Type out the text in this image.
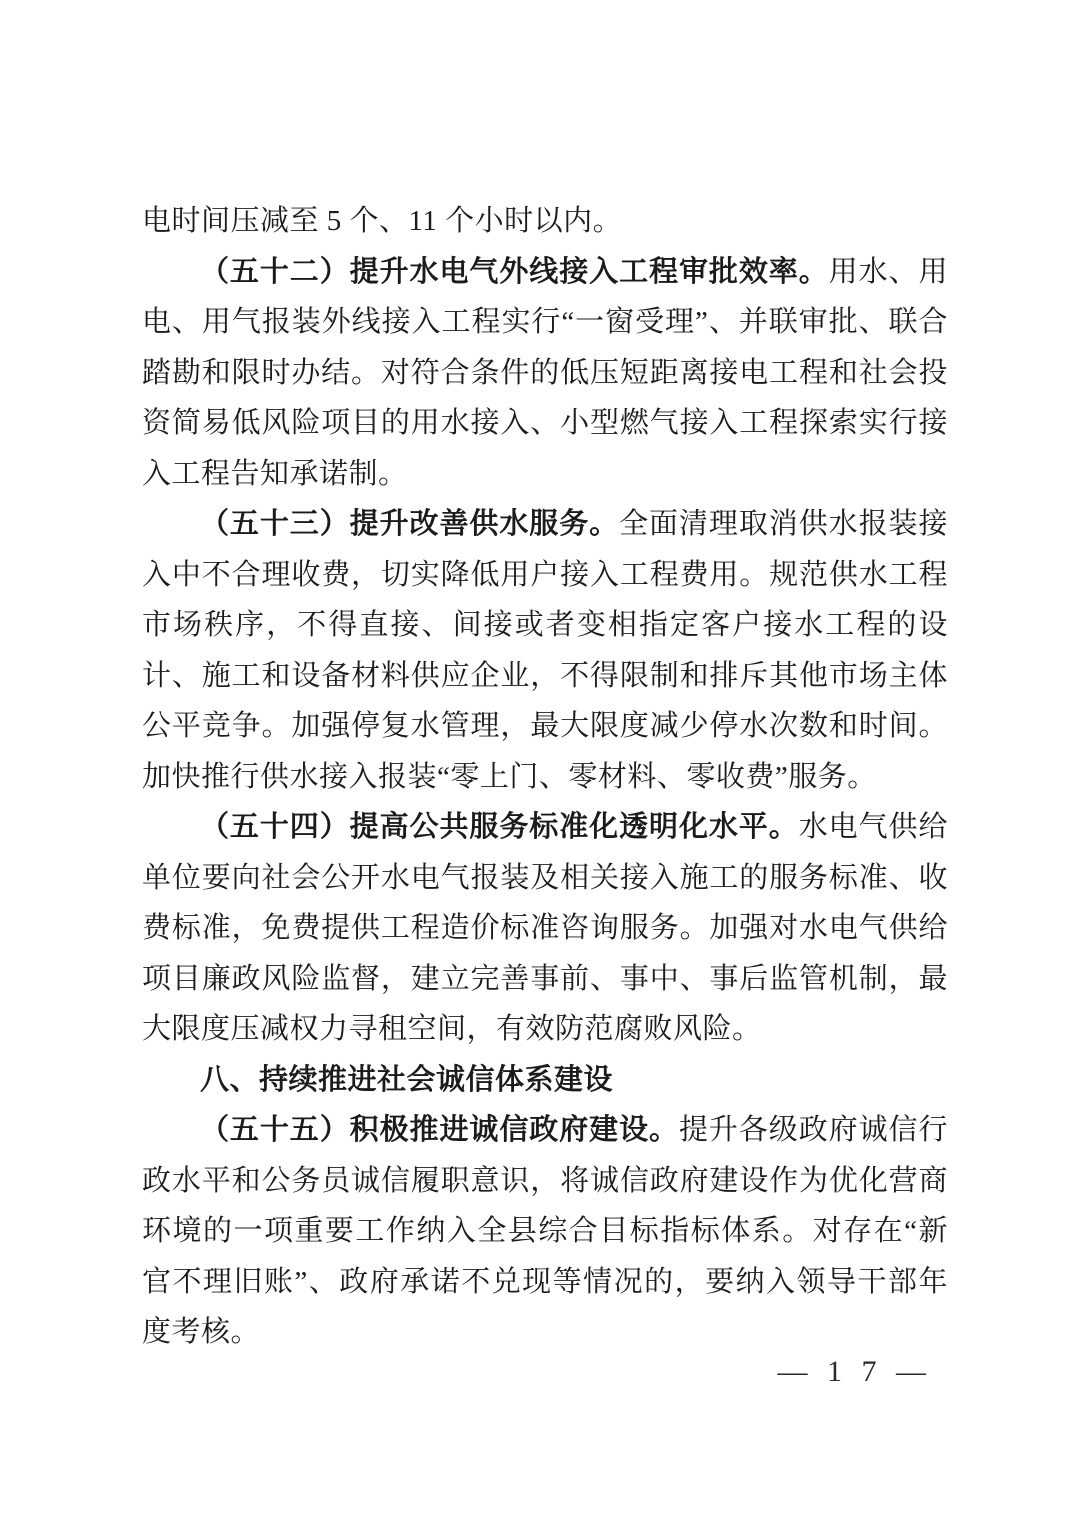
电时间压减至 5 个、11 个小时以内。

（五十二）提升水电气外线接入工程审批效率。用水、用电、用气报装外线接入工程实行“一窗受理”、并联审批、联合踏勘和限时办结。对符合条件的低压短距离接电工程和社会投资简易低风险项目的用水接入、小型燃气接入工程探索实行接入工程告知承诺制。

（五十三）提升改善供水服务。全面清理取消供水报装接入中不合理收费，切实降低用户接入工程费用。规范供水工程市场秩序，不得直接、间接或者变相指定客户接水工程的设计、施工和设备材料供应企业，不得限制和排斥其他市场主体公平竞争。加强停复水管理，最大限度减少停水次数和时间。加快推行供水接入报装“零上门、零材料、零收费”服务。

（五十四）提高公共服务标准化透明化水平。水电气供给单位要向社会公开水电气报装及相关接入施工的服务标准、收费标准，免费提供工程造价标准咨询服务。加强对水电气供给项目廉政风险监督，建立完善事前、事中、事后监管机制，最大限度压减权力寻租空间，有效防范腐败风险。

八、持续推进社会诚信体系建设

（五十五）积极推进诚信政府建设。提升各级政府诚信行政水平和公务员诚信履职意识，将诚信政府建设作为优化营商环境的一项重要工作纳入全县综合目标指标体系。对存在“新官不理旧账”、政府承诺不兑现等情况的，要纳入领导干部年度考核。

— 1 7 —
